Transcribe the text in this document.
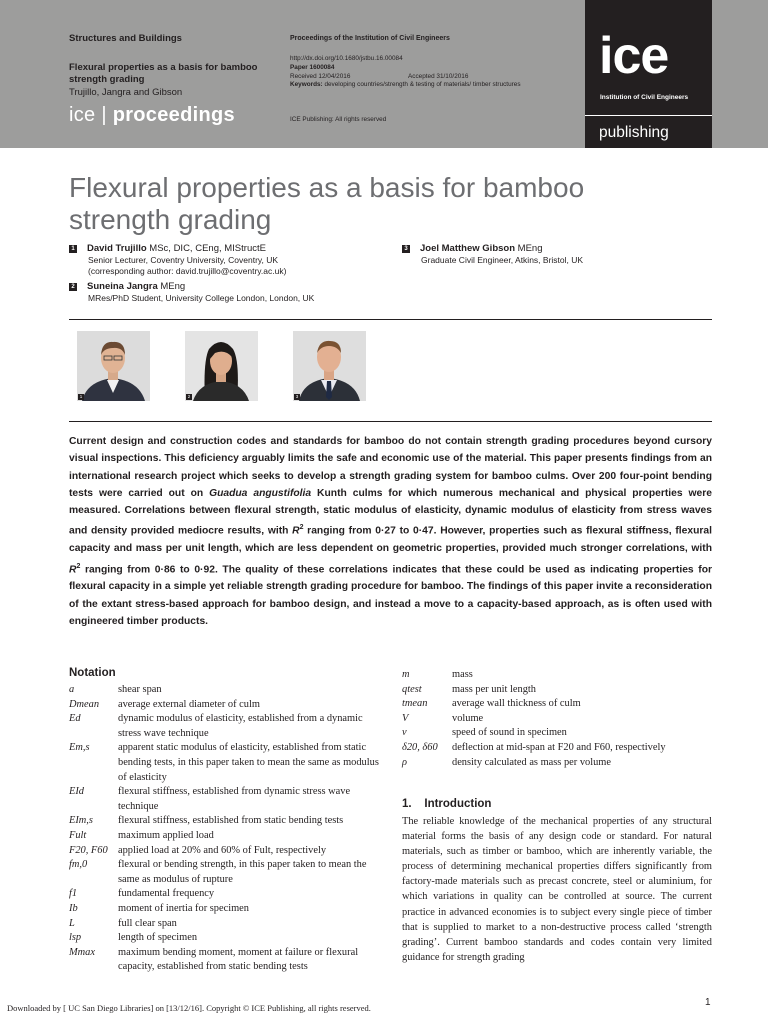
Structures and Buildings
Flexural properties as a basis for bamboo strength grading
Trujillo, Jangra and Gibson
ice | proceedings
Proceedings of the Institution of Civil Engineers
http://dx.doi.org/10.1680/jstbu.16.00084
Paper 1600084
Received 12/04/2016	Accepted 31/10/2016
Keywords: developing countries/strength & testing of materials/ timber structures
ICE Publishing: All rights reserved
ice
Institution of Civil Engineers
publishing
Flexural properties as a basis for bamboo strength grading
1 David Trujillo MSc, DIC, CEng, MIStructE
Senior Lecturer, Coventry University, Coventry, UK
(corresponding author: david.trujillo@coventry.ac.uk)
2 Suneina Jangra MEng
MRes/PhD Student, University College London, London, UK
3 Joel Matthew Gibson MEng
Graduate Civil Engineer, Atkins, Bristol, UK
1	2	3
Current design and construction codes and standards for bamboo do not contain strength grading procedures beyond cursory visual inspections. This deficiency arguably limits the safe and economic use of the material. This paper presents findings from an international research project which seeks to develop a strength grading system for bamboo culms. Over 200 four-point bending tests were carried out on Guadua angustifolia Kunth culms for which numerous mechanical and physical properties were measured. Correlations between flexural strength, static modulus of elasticity, dynamic modulus of elasticity from stress waves and density provided mediocre results, with $R^2$ ranging from 0·27 to 0·47. However, properties such as flexural stiffness, flexural capacity and mass per unit length, which are less dependent on geometric properties, provided much stronger correlations, with $R^2$ ranging from 0·86 to 0·92. The quality of these correlations indicates that these could be used as indicating properties for flexural capacity in a simple yet reliable strength grading procedure for bamboo. The findings of this paper invite a reconsideration of the extant stress-based approach for bamboo design, and instead a move to a capacity-based approach, as is often used with engineered timber products.
Notation
a	shear span
Dmean	average external diameter of culm
Ed	dynamic modulus of elasticity, established from a dynamic stress wave technique
Em,s	apparent static modulus of elasticity, established from static bending tests, in this paper taken to mean the same as modulus of elasticity
EId	flexural stiffness, established from dynamic stress wave technique
EIm,s	flexural stiffness, established from static bending tests
Fult	maximum applied load
F20, F60 applied load at 20% and 60% of Fult, respectively
fm,0	flexural or bending strength, in this paper taken to mean the same as modulus of rupture
f1	fundamental frequency
Ib	moment of inertia for specimen
L	full clear span
lsp	length of specimen
Mmax	maximum bending moment, moment at failure or flexural capacity, established from static bending tests
m	mass
qtest	mass per unit length
tmean	average wall thickness of culm
V	volume
v	speed of sound in specimen
δ20, δ60	deflection at mid-span at F20 and F60, respectively
ρ	density calculated as mass per volume
1.    Introduction
The reliable knowledge of the mechanical properties of any structural material forms the basis of any design code or standard. For natural materials, such as timber or bamboo, which are inherently variable, the process of determining mechanical properties differs significantly from factory-made materials such as precast concrete, steel or aluminium, for which variations in quality can be controlled at source. The current practice in advanced economies is to subject every single piece of timber that is supplied to market to a non-destructive process called ‘strength grading’. Current bamboo standards and codes contain very limited guidance for strength grading
Downloaded by [ UC San Diego Libraries] on [13/12/16]. Copyright © ICE Publishing, all rights reserved.	1
